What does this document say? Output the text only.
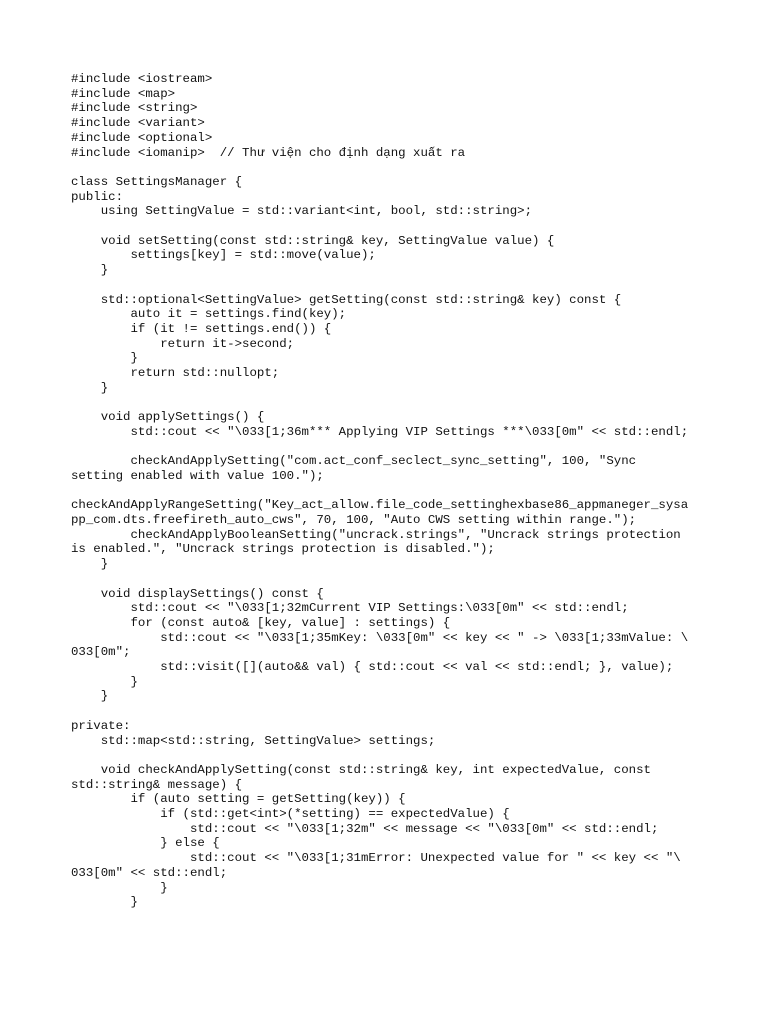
#include <iostream>
#include <map>
#include <string>
#include <variant>
#include <optional>
#include <iomanip>  // Thư viện cho định dạng xuất ra
class SettingsManager {
public:
using SettingValue = std::variant<int, bool, std::string>;
void setSetting(const std::string& key, SettingValue value) {
settings[key] = std::move(value);
}
std::optional<SettingValue> getSetting(const std::string& key) const {
auto it = settings.find(key);
if (it != settings.end()) {
return it->second;
}
return std::nullopt;
}
void applySettings() {
std::cout << "\033[1;36m*** Applying VIP Settings ***\033[0m" << std::endl;
checkAndApplySetting("com.act_conf_seclect_sync_setting", 100, "Sync
setting enabled with value 100.");
checkAndApplyRangeSetting("Key_act_allow.file_code_settinghexbase86_appmaneger_sysa
pp_com.dts.freefireth_auto_cws", 70, 100, "Auto CWS setting within range.");
checkAndApplyBooleanSetting("uncrack.strings", "Uncrack strings protection
is enabled.", "Uncrack strings protection is disabled.");
}
void displaySettings() const {
std::cout << "\033[1;32mCurrent VIP Settings:\033[0m" << std::endl;
for (const auto& [key, value] : settings) {
std::cout << "\033[1;35mKey: \033[0m" << key << " -> \033[1;33mValue: \
033[0m";
std::visit([](auto&& val) { std::cout << val << std::endl; }, value);
}
}
private:
std::map<std::string, SettingValue> settings;
void checkAndApplySetting(const std::string& key, int expectedValue, const
std::string& message) {
if (auto setting = getSetting(key)) {
if (std::get<int>(*setting) == expectedValue) {
std::cout << "\033[1;32m" << message << "\033[0m" << std::endl;
} else {
std::cout << "\033[1;31mError: Unexpected value for " << key << "\
033[0m" << std::endl;
}
}
